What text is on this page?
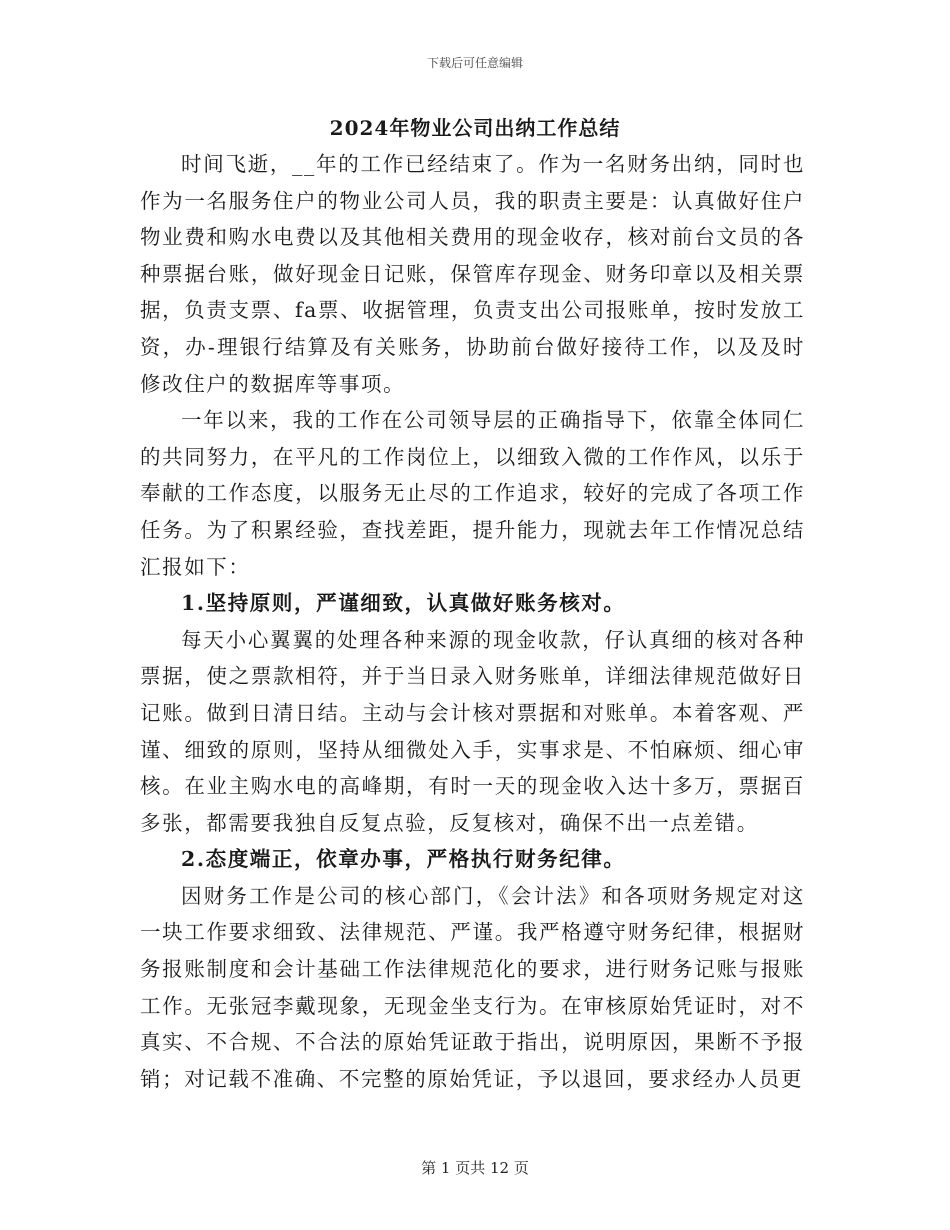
下载后可任意编辑
2024年物业公司出纳工作总结

时间飞逝，__年的工作已经结束了。作为一名财务出纳，同时也作为一名服务住户的物业公司人员，我的职责主要是：认真做好住户物业费和购水电费以及其他相关费用的现金收存，核对前台文员的各种票据台账，做好现金日记账，保管库存现金、财务印章以及相关票据，负责支票、fa票、收据管理，负责支出公司报账单，按时发放工资，办-理银行结算及有关账务，协助前台做好接待工作，以及及时修改住户的数据库等事项。

一年以来，我的工作在公司领导层的正确指导下，依靠全体同仁的共同努力，在平凡的工作岗位上，以细致入微的工作作风，以乐于奉献的工作态度，以服务无止尽的工作追求，较好的完成了各项工作任务。为了积累经验，查找差距，提升能力，现就去年工作情况总结汇报如下：

1.坚持原则，严谨细致，认真做好账务核对。

每天小心翼翼的处理各种来源的现金收款，仔认真细的核对各种票据，使之票款相符，并于当日录入财务账单，详细法律规范做好日记账。做到日清日结。主动与会计核对票据和对账单。本着客观、严谨、细致的原则，坚持从细微处入手，实事求是、不怕麻烦、细心审核。在业主购水电的高峰期，有时一天的现金收入达十多万，票据百多张，都需要我独自反复点验，反复核对，确保不出一点差错。

2.态度端正，依章办事，严格执行财务纪律。

因财务工作是公司的核心部门，《会计法》和各项财务规定对这一块工作要求细致、法律规范、严谨。我严格遵守财务纪律，根据财务报账制度和会计基础工作法律规范化的要求，进行财务记账与报账工作。无张冠李戴现象，无现金坐支行为。在审核原始凭证时，对不真实、不合规、不合法的原始凭证敢于指出，说明原因，果断不予报销；对记载不准确、不完整的原始凭证，予以退回，要求经办人员更

第 1 页共 12 页
